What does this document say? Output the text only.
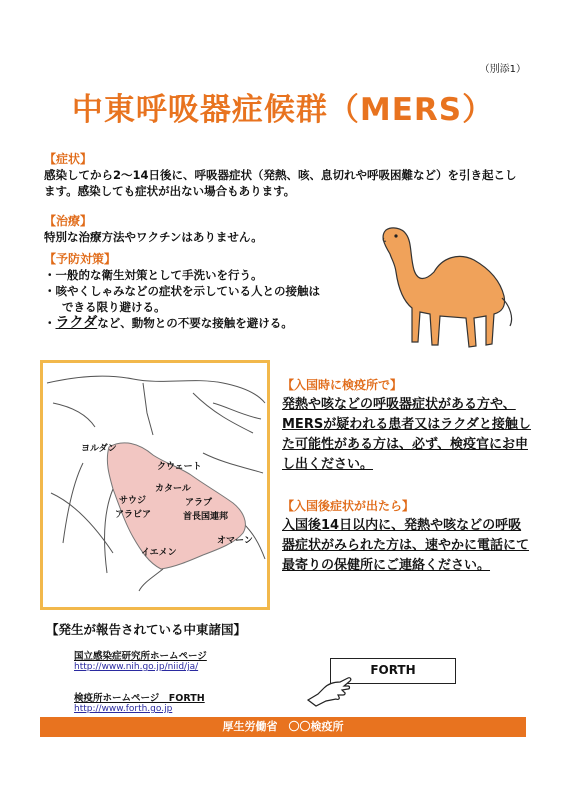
（別添1）
中東呼吸器症候群（MERS）
【症状】
感染してから2～14日後に、呼吸器症状（発熱、咳、息切れや呼吸困難など）を引き起こします。感染しても症状が出ない場合もあります。
【治療】
特別な治療方法やワクチンはありません。
【予防対策】
・一般的な衛生対策として手洗いを行う。
・咳やくしゃみなどの症状を示している人との接触は
できる限り避ける。
・ラクダなど、動物との不要な接触を避ける。
ヨルダン
クウェート
カタール
サウジ
アラビア
アラブ
首長国連邦
オマーン
イエメン
【入国時に検疫所で】
発熱や咳などの呼吸器症状がある方や、MERSが疑われる患者又はラクダと接触した可能性がある方は、必ず、検疫官にお申し出ください。
【入国後症状が出たら】
入国後14日以内に、発熱や咳などの呼吸器症状がみられた方は、速やかに電話にて最寄りの保健所にご連絡ください。
【発生が報告されている中東諸国】
国立感染症研究所ホームページ
http://www.nih.go.jp/niid/ja/
検疫所ホームページ　FORTH
http://www.forth.go.jp
FORTH
厚生労働省　〇〇検疫所
